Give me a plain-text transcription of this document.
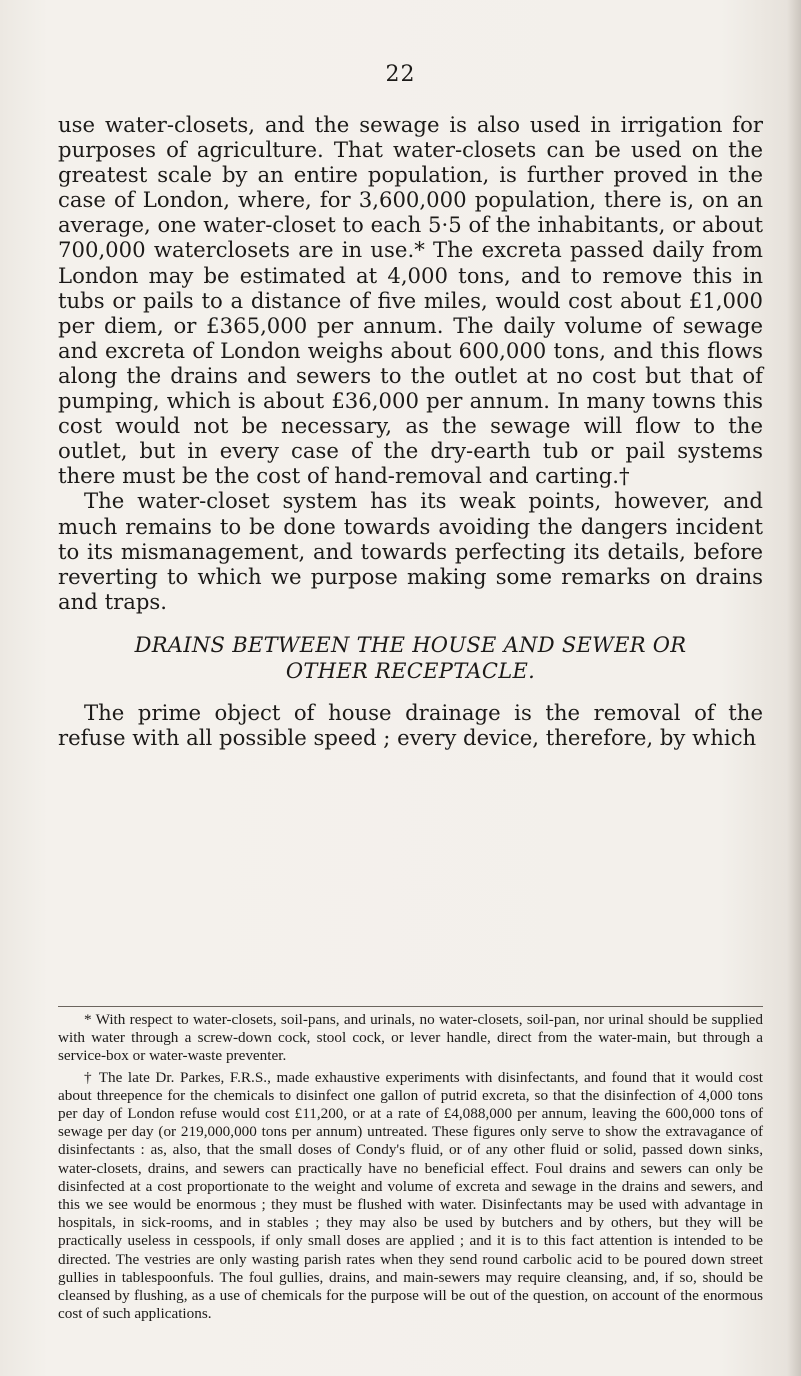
22

use water-closets, and the sewage is also used in irrigation for purposes of agriculture. That water-closets can be used on the greatest scale by an entire population, is further proved in the case of London, where, for 3,600,000 population, there is, on an average, one water-closet to each 5·5 of the inhabitants, or about 700,000 waterclosets are in use.* The excreta passed daily from London may be estimated at 4,000 tons, and to remove this in tubs or pails to a distance of five miles, would cost about £1,000 per diem, or £365,000 per annum. The daily volume of sewage and excreta of London weighs about 600,000 tons, and this flows along the drains and sewers to the outlet at no cost but that of pumping, which is about £36,000 per annum. In many towns this cost would not be necessary, as the sewage will flow to the outlet, but in every case of the dry-earth tub or pail systems there must be the cost of hand-removal and carting.†

The water-closet system has its weak points, however, and much remains to be done towards avoiding the dangers incident to its mismanagement, and towards perfecting its details, before reverting to which we purpose making some remarks on drains and traps.

DRAINS BETWEEN THE HOUSE AND SEWER OR
OTHER RECEPTACLE.

The prime object of house drainage is the removal of the refuse with all possible speed ; every device, therefore, by which

* With respect to water-closets, soil-pans, and urinals, no water-closets, soil-pan, nor urinal should be supplied with water through a screw-down cock, stool cock, or lever handle, direct from the water-main, but through a service-box or water-waste preventer.

† The late Dr. Parkes, F.R.S., made exhaustive experiments with disinfectants, and found that it would cost about threepence for the chemicals to disinfect one gallon of putrid excreta, so that the disinfection of 4,000 tons per day of London refuse would cost £11,200, or at a rate of £4,088,000 per annum, leaving the 600,000 tons of sewage per day (or 219,000,000 tons per annum) untreated. These figures only serve to show the extravagance of disinfectants : as, also, that the small doses of Condy's fluid, or of any other fluid or solid, passed down sinks, water-closets, drains, and sewers can practically have no beneficial effect. Foul drains and sewers can only be disinfected at a cost proportionate to the weight and volume of excreta and sewage in the drains and sewers, and this we see would be enormous ; they must be flushed with water. Disinfectants may be used with advantage in hospitals, in sick-rooms, and in stables ; they may also be used by butchers and by others, but they will be practically useless in cesspools, if only small doses are applied ; and it is to this fact attention is intended to be directed. The vestries are only wasting parish rates when they send round carbolic acid to be poured down street gullies in tablespoonfuls. The foul gullies, drains, and main-sewers may require cleansing, and, if so, should be cleansed by flushing, as a use of chemicals for the purpose will be out of the question, on account of the enormous cost of such applications.
